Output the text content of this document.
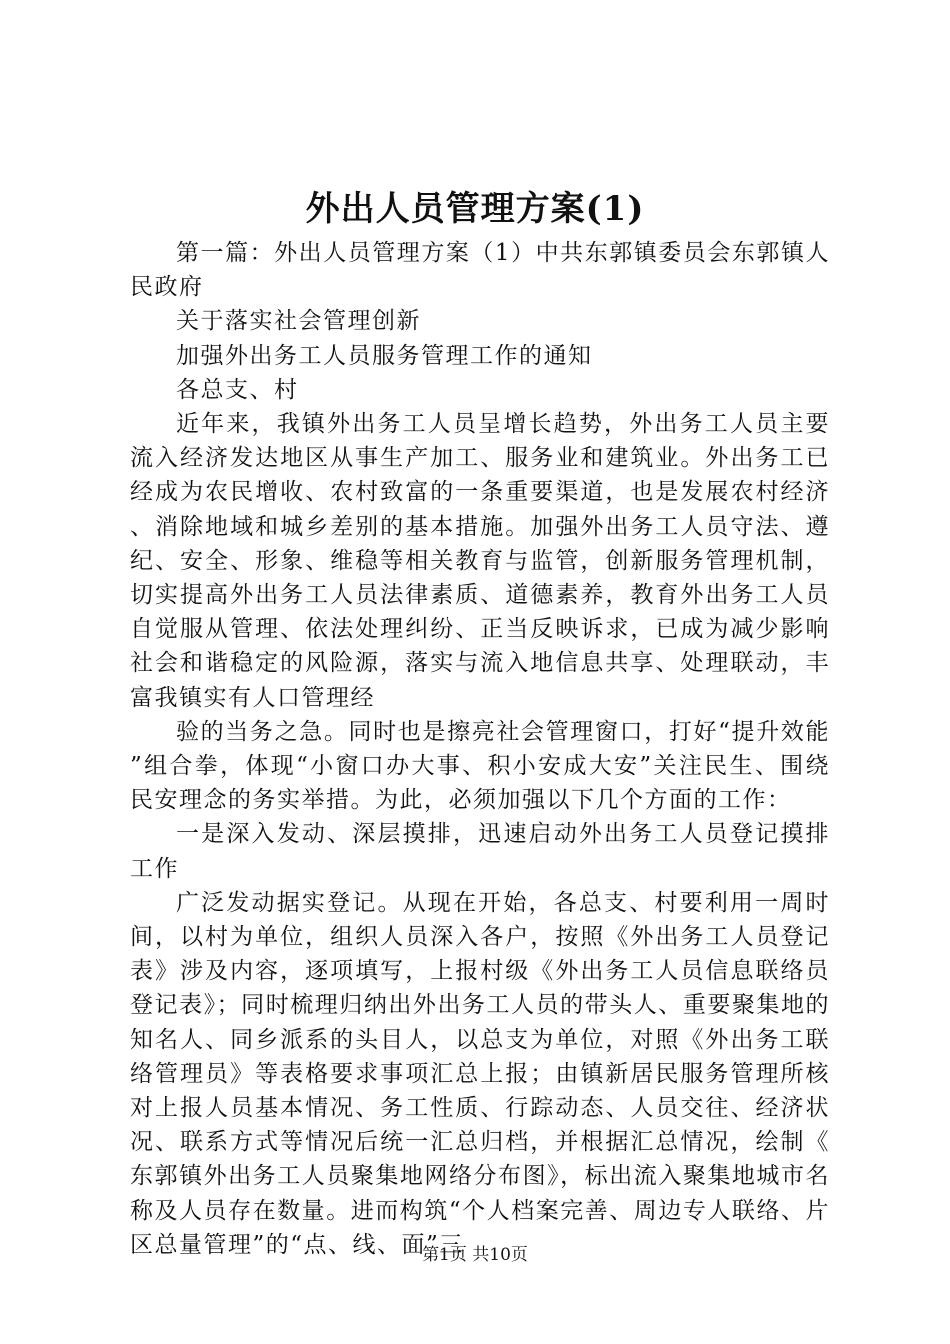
外出人员管理方案(1)

第一篇：外出人员管理方案（1）中共东郭镇委员会东郭镇人民政府

关于落实社会管理创新

加强外出务工人员服务管理工作的通知

各总支、村

近年来，我镇外出务工人员呈增长趋势，外出务工人员主要流入经济发达地区从事生产加工、服务业和建筑业。外出务工已经成为农民增收、农村致富的一条重要渠道，也是发展农村经济、消除地域和城乡差别的基本措施。加强外出务工人员守法、遵纪、安全、形象、维稳等相关教育与监管，创新服务管理机制，切实提高外出务工人员法律素质、道德素养，教育外出务工人员自觉服从管理、依法处理纠纷、正当反映诉求，已成为减少影响社会和谐稳定的风险源，落实与流入地信息共享、处理联动，丰富我镇实有人口管理经

验的当务之急。同时也是擦亮社会管理窗口，打好“提升效能”组合拳，体现“小窗口办大事、积小安成大安”关注民生、围绕民安理念的务实举措。为此，必须加强以下几个方面的工作：

一是深入发动、深层摸排，迅速启动外出务工人员登记摸排工作

广泛发动据实登记。从现在开始，各总支、村要利用一周时间，以村为单位，组织人员深入各户，按照《外出务工人员登记表》涉及内容，逐项填写，上报村级《外出务工人员信息联络员登记表》；同时梳理归纳出外出务工人员的带头人、重要聚集地的知名人、同乡派系的头目人，以总支为单位，对照《外出务工联络管理员》等表格要求事项汇总上报；由镇新居民服务管理所核对上报人员基本情况、务工性质、行踪动态、人员交往、经济状况、联系方式等情况后统一汇总归档，并根据汇总情况，绘制《东郭镇外出务工人员聚集地网络分布图》，标出流入聚集地城市名称及人员存在数量。进而构筑“个人档案完善、周边专人联络、片区总量管理”的“点、线、面”三

第1页 共10页
